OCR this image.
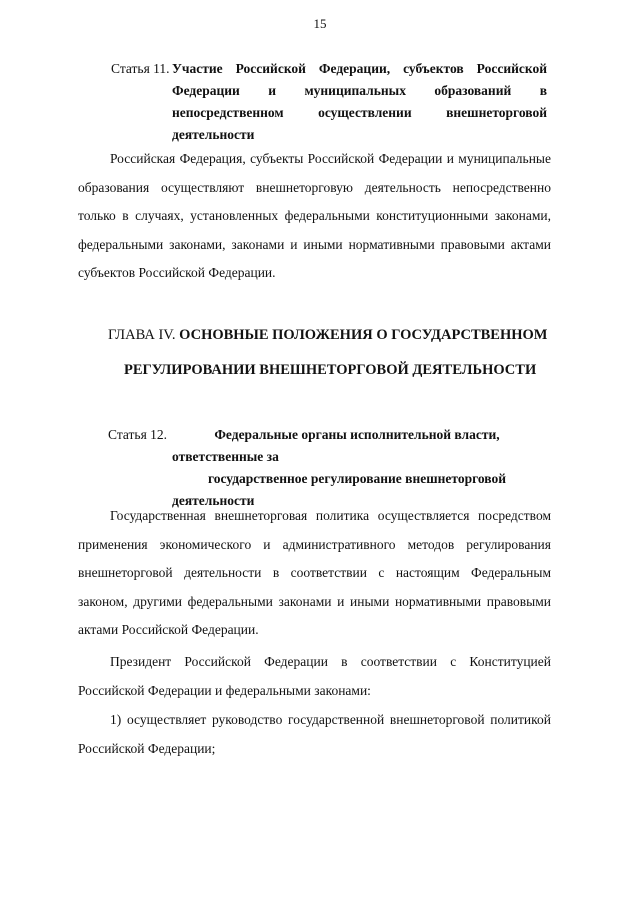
15
Статья 11. Участие Российской Федерации, субъектов Российской Федерации и муниципальных образований в непосредственном осуществлении внешнеторговой деятельности
Российская Федерация, субъекты Российской Федерации и муниципальные образования осуществляют внешнеторговую деятельность непосредственно только в случаях, установленных федеральными конституционными законами, федеральными законами, законами и иными нормативными правовыми актами субъектов Российской Федерации.
ГЛАВА IV. ОСНОВНЫЕ ПОЛОЖЕНИЯ О ГОСУДАРСТВЕННОМ
РЕГУЛИРОВАНИИ ВНЕШНЕТОРГОВОЙ ДЕЯТЕЛЬНОСТИ
Статья 12.	Федеральные органы исполнительной власти, ответственные за
государственное регулирование внешнеторговой деятельности
Государственная внешнеторговая политика осуществляется посредством применения экономического и административного методов регулирования внешнеторговой деятельности в соответствии с настоящим Федеральным законом, другими федеральными законами и иными нормативными правовыми актами Российской Федерации.
Президент Российской Федерации в соответствии с Конституцией Российской Федерации и федеральными законами:
1) осуществляет руководство государственной внешнеторговой политикой Российской Федерации;
